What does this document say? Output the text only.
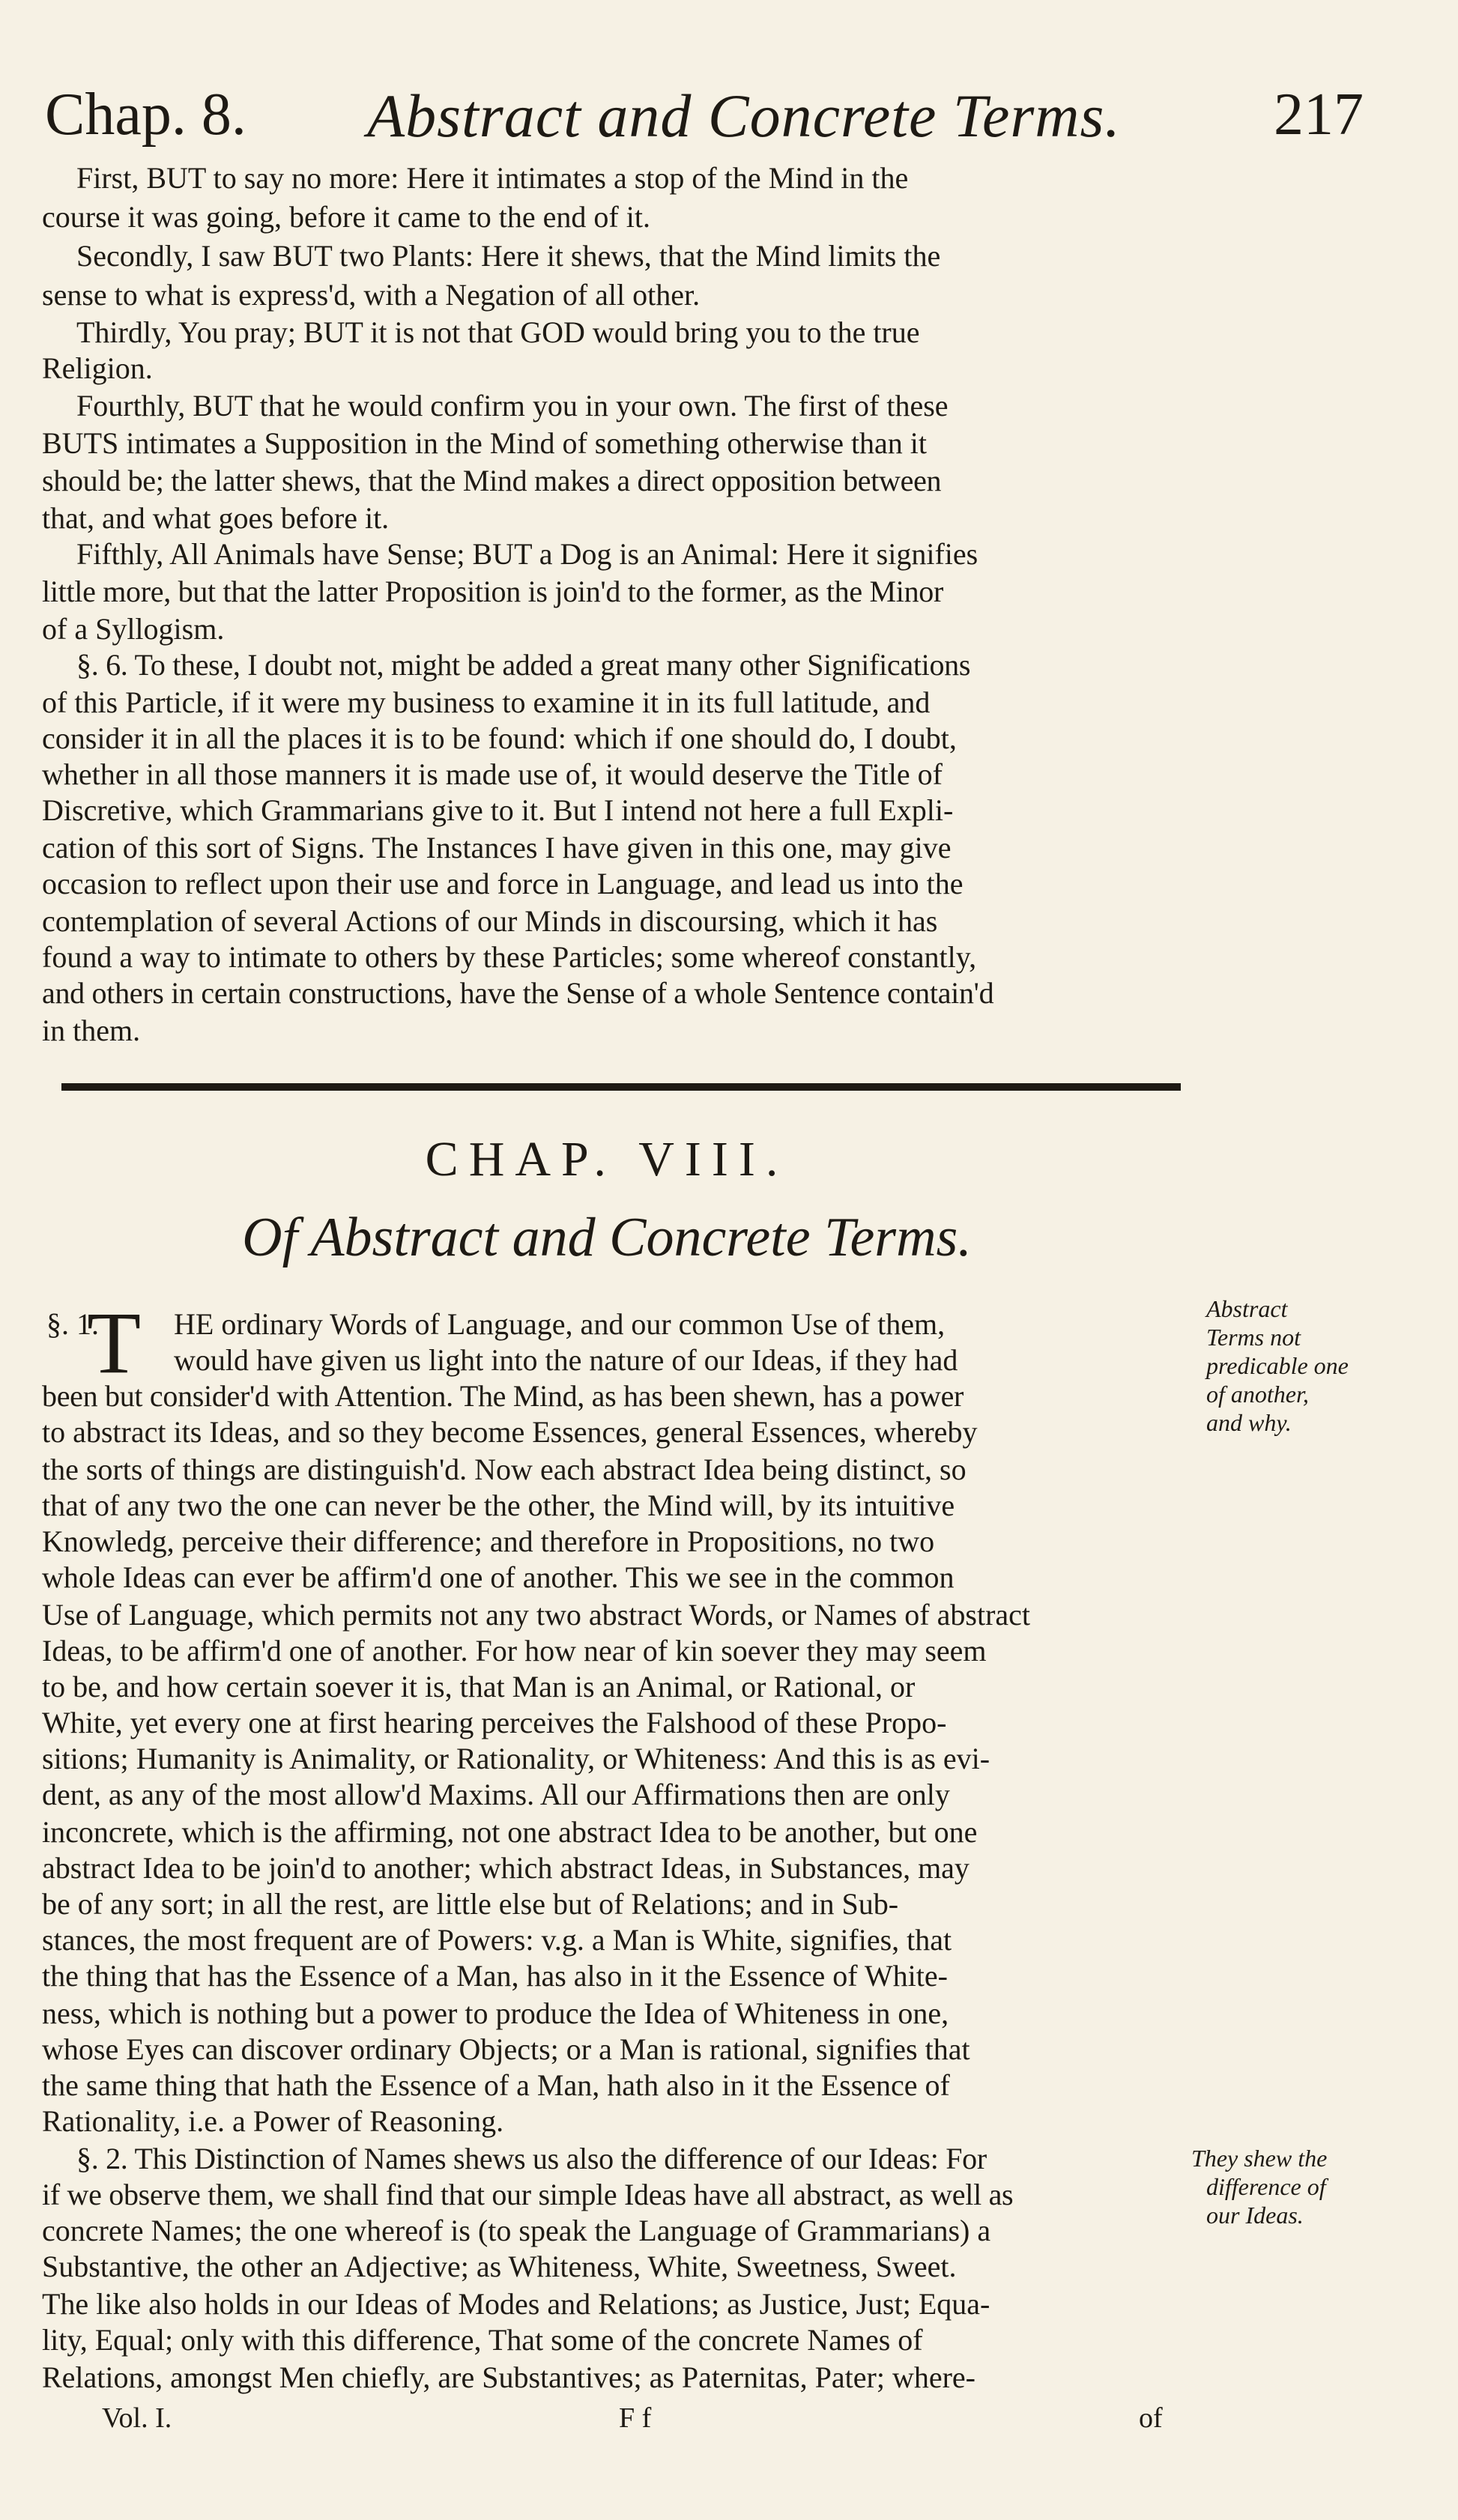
Chap. 8. Abstract and Concrete Terms.	217
First, BUT to say no more: Here it intimates a stop of the Mind in the
course it was going, before it came to the end of it.
Secondly, I saw BUT two Plants: Here it shews, that the Mind limits the
sense to what is express'd, with a Negation of all other.
Thirdly, You pray; BUT it is not that GOD would bring you to the true
Religion.
Fourthly, BUT that he would confirm you in your own. The first of these
BUTS intimates a Supposition in the Mind of something otherwise than it
should be; the latter shews, that the Mind makes a direct opposition between
that, and what goes before it.
Fifthly, All Animals have Sense; BUT a Dog is an Animal: Here it signifies
little more, but that the latter Proposition is join'd to the former, as the Minor
of a Syllogism.
§. 6. To these, I doubt not, might be added a great many other Significations
of this Particle, if it were my business to examine it in its full latitude, and
consider it in all the places it is to be found: which if one should do, I doubt,
whether in all those manners it is made use of, it would deserve the Title of
Discretive, which Grammarians give to it. But I intend not here a full Expli-
cation of this sort of Signs. The Instances I have given in this one, may give
occasion to reflect upon their use and force in Language, and lead us into the
contemplation of several Actions of our Minds in discoursing, which it has
found a way to intimate to others by these Particles; some whereof constantly,
and others in certain constructions, have the Sense of a whole Sentence contain'd
in them.
HE ordinary Words of Language, and our common Use of them,
would have given us light into the nature of our Ideas, if they had
been but consider'd with Attention. The Mind, as has been shewn, has a power
to abstract its Ideas, and so they become Essences, general Essences, whereby
the sorts of things are distinguish'd. Now each abstract Idea being distinct, so
that of any two the one can never be the other, the Mind will, by its intuitive
Knowledg, perceive their difference; and therefore in Propositions, no two
whole Ideas can ever be affirm'd one of another. This we see in the common
Use of Language, which permits not any two abstract Words, or Names of abstract
Ideas, to be affirm'd one of another. For how near of kin soever they may seem
to be, and how certain soever it is, that Man is an Animal, or Rational, or
White, yet every one at first hearing perceives the Falshood of these Propo-
sitions; Humanity is Animality, or Rationality, or Whiteness: And this is as evi-
dent, as any of the most allow'd Maxims. All our Affirmations then are only
inconcrete, which is the affirming, not one abstract Idea to be another, but one
abstract Idea to be join'd to another; which abstract Ideas, in Substances, may
be of any sort; in all the rest, are little else but of Relations; and in Sub-
stances, the most frequent are of Powers: v.g. a Man is White, signifies, that
the thing that has the Essence of a Man, has also in it the Essence of White-
ness, which is nothing but a power to produce the Idea of Whiteness in one,
whose Eyes can discover ordinary Objects; or a Man is rational, signifies that
the same thing that hath the Essence of a Man, hath also in it the Essence of
Rationality, i.e. a Power of Reasoning.
§. 2. This Distinction of Names shews us also the difference of our Ideas: For
if we observe them, we shall find that our simple Ideas have all abstract, as well as
concrete Names; the one whereof is (to speak the Language of Grammarians) a
Substantive, the other an Adjective; as Whiteness, White, Sweetness, Sweet.
The like also holds in our Ideas of Modes and Relations; as Justice, Just; Equa-
lity, Equal; only with this difference, That some of the concrete Names of
Relations, amongst Men chiefly, are Substantives; as Paternitas, Pater; where-
CHAP. VIII.
Of Abstract and Concrete Terms.
§. 1.
T	Abstract
Terms not
predicable one
of another,
and why.
They shew the
difference of
our Ideas.
Vol. I.	F f	of
